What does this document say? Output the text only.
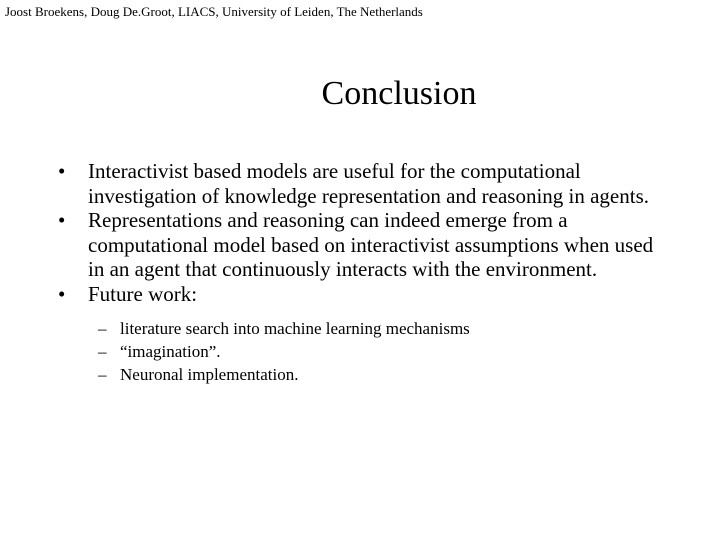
Joost Broekens, Doug De.Groot, LIACS, University of Leiden, The Netherlands
Conclusion
•	Interactivist based models are useful for the computational investigation of knowledge representation and reasoning in agents.
•	Representations and reasoning can indeed emerge from a computational model based on interactivist assumptions when used in an agent that continuously interacts with the environment.
•	Future work:
– literature search into machine learning mechanisms
– “imagination”.
– Neuronal implementation.
